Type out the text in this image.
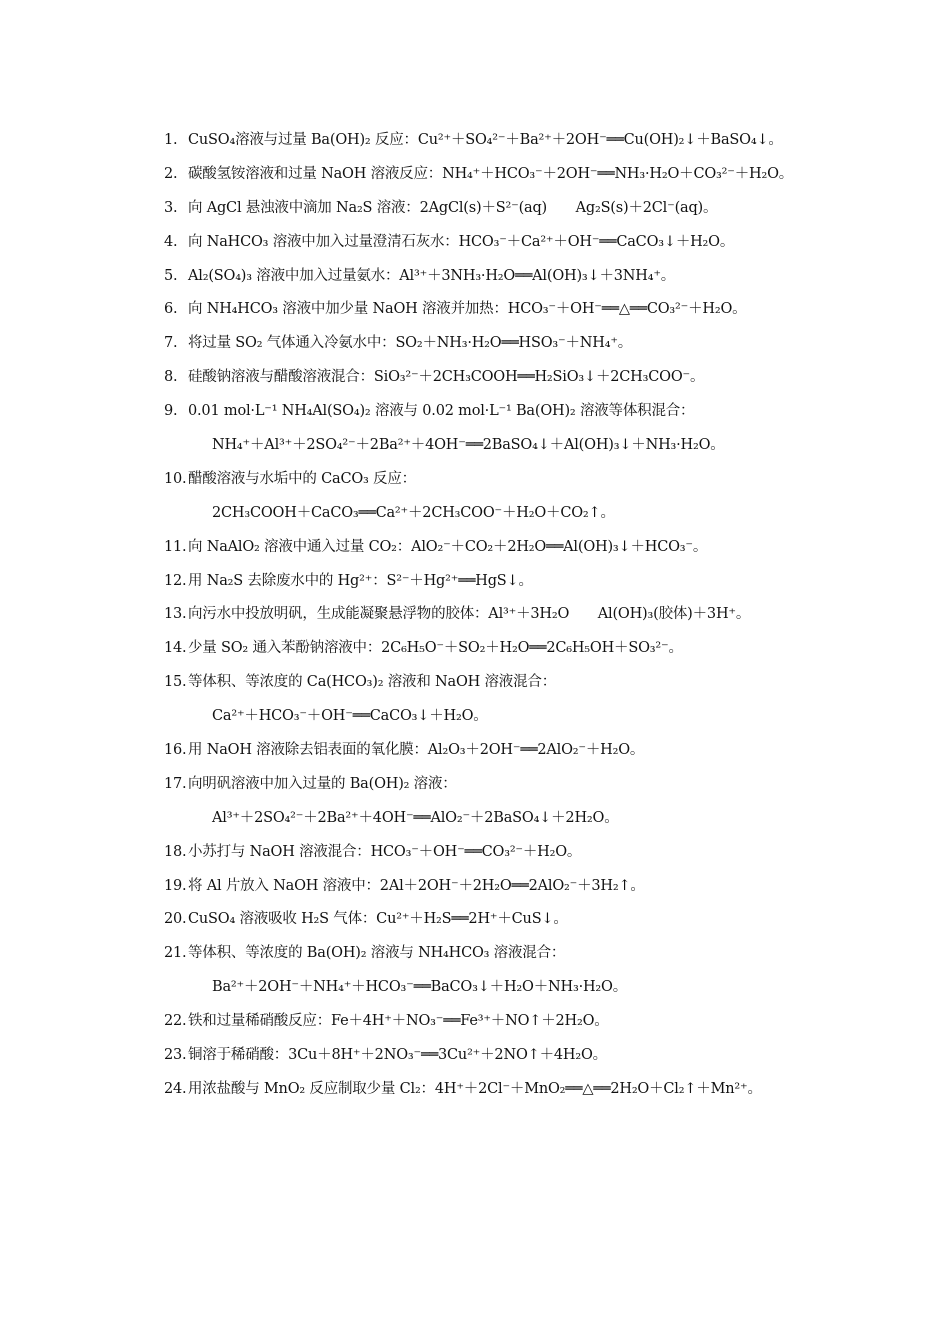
1. CuSO₄溶液与过量 Ba(OH)₂ 反应：Cu²⁺＋SO₄²⁻＋Ba²⁺＋2OH⁻══Cu(OH)₂↓＋BaSO₄↓。
2. 碳酸氢铵溶液和过量 NaOH 溶液反应：NH₄⁺＋HCO₃⁻＋2OH⁻══NH₃·H₂O＋CO₃²⁻＋H₂O。
3. 向 AgCl 悬浊液中滴加 Na₂S 溶液：2AgCl(s)＋S²⁻(aq)　　Ag₂S(s)＋2Cl⁻(aq)。
4. 向 NaHCO₃ 溶液中加入过量澄清石灰水：HCO₃⁻＋Ca²⁺＋OH⁻══CaCO₃↓＋H₂O。
5. Al₂(SO₄)₃ 溶液中加入过量氨水：Al³⁺＋3NH₃·H₂O══Al(OH)₃↓＋3NH₄⁺。
6. 向 NH₄HCO₃ 溶液中加少量 NaOH 溶液并加热：HCO₃⁻＋OH⁻══△══CO₃²⁻＋H₂O。
7. 将过量 SO₂ 气体通入冷氨水中：SO₂＋NH₃·H₂O══HSO₃⁻＋NH₄⁺。
8. 硅酸钠溶液与醋酸溶液混合：SiO₃²⁻＋2CH₃COOH══H₂SiO₃↓＋2CH₃COO⁻。
9. 0.01 mol·L⁻¹ NH₄Al(SO₄)₂ 溶液与 0.02 mol·L⁻¹ Ba(OH)₂ 溶液等体积混合：
NH₄⁺＋Al³⁺＋2SO₄²⁻＋2Ba²⁺＋4OH⁻══2BaSO₄↓＋Al(OH)₃↓＋NH₃·H₂O。
10. 醋酸溶液与水垢中的 CaCO₃ 反应：
2CH₃COOH＋CaCO₃══Ca²⁺＋2CH₃COO⁻＋H₂O＋CO₂↑。
11. 向 NaAlO₂ 溶液中通入过量 CO₂：AlO₂⁻＋CO₂＋2H₂O══Al(OH)₃↓＋HCO₃⁻。
12. 用 Na₂S 去除废水中的 Hg²⁺：S²⁻＋Hg²⁺══HgS↓。
13. 向污水中投放明矾，生成能凝聚悬浮物的胶体：Al³⁺＋3H₂O　　Al(OH)₃(胶体)＋3H⁺。
14. 少量 SO₂ 通入苯酚钠溶液中：2C₆H₅O⁻＋SO₂＋H₂O══2C₆H₅OH＋SO₃²⁻。
15. 等体积、等浓度的 Ca(HCO₃)₂ 溶液和 NaOH 溶液混合：
Ca²⁺＋HCO₃⁻＋OH⁻══CaCO₃↓＋H₂O。
16. 用 NaOH 溶液除去铝表面的氧化膜：Al₂O₃＋2OH⁻══2AlO₂⁻＋H₂O。
17. 向明矾溶液中加入过量的 Ba(OH)₂ 溶液：
Al³⁺＋2SO₄²⁻＋2Ba²⁺＋4OH⁻══AlO₂⁻＋2BaSO₄↓＋2H₂O。
18. 小苏打与 NaOH 溶液混合：HCO₃⁻＋OH⁻══CO₃²⁻＋H₂O。
19. 将 Al 片放入 NaOH 溶液中：2Al＋2OH⁻＋2H₂O══2AlO₂⁻＋3H₂↑。
20. CuSO₄ 溶液吸收 H₂S 气体：Cu²⁺＋H₂S══2H⁺＋CuS↓。
21. 等体积、等浓度的 Ba(OH)₂ 溶液与 NH₄HCO₃ 溶液混合：
Ba²⁺＋2OH⁻＋NH₄⁺＋HCO₃⁻══BaCO₃↓＋H₂O＋NH₃·H₂O。
22. 铁和过量稀硝酸反应：Fe＋4H⁺＋NO₃⁻══Fe³⁺＋NO↑＋2H₂O。
23. 铜溶于稀硝酸：3Cu＋8H⁺＋2NO₃⁻══3Cu²⁺＋2NO↑＋4H₂O。
24. 用浓盐酸与 MnO₂ 反应制取少量 Cl₂：4H⁺＋2Cl⁻＋MnO₂══△══2H₂O＋Cl₂↑＋Mn²⁺。
